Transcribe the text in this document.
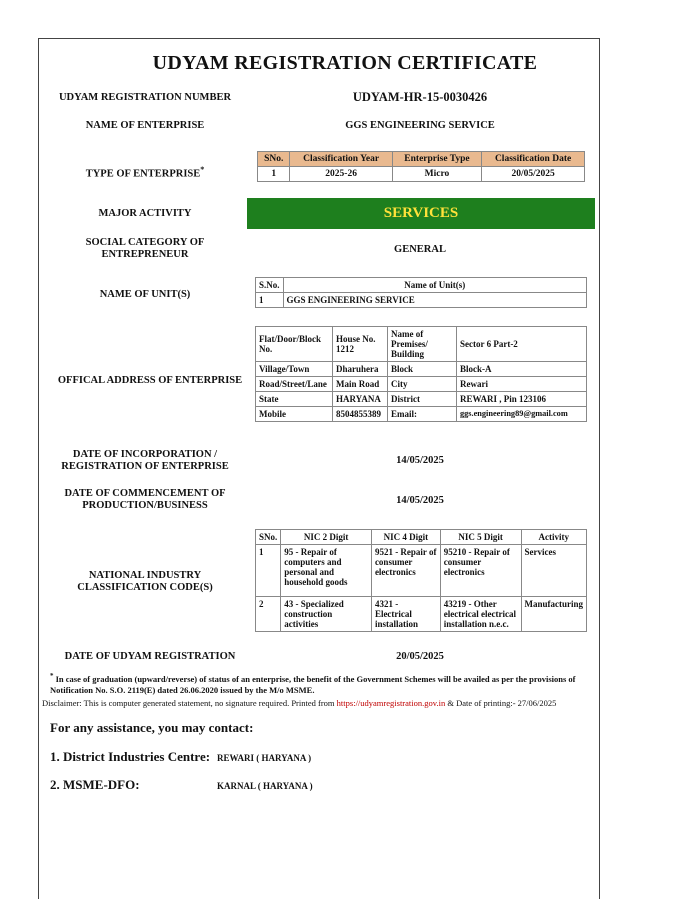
UDYAM REGISTRATION CERTIFICATE
UDYAM REGISTRATION NUMBER	UDYAM-HR-15-0030426
NAME OF ENTERPRISE	GGS ENGINEERING SERVICE
TYPE OF ENTERPRISE*
SNo.	Classification Year	Enterprise Type	Classification Date
1	2025-26	Micro	20/05/2025
MAJOR ACTIVITY	SERVICES
SOCIAL CATEGORY OF ENTREPRENEUR	GENERAL
NAME OF UNIT(S)
S.No.	Name of Unit(s)
1	GGS ENGINEERING SERVICE
OFFICAL ADDRESS OF ENTERPRISE
Flat/Door/Block No.	House No. 1212	Name of Premises/ Building	Sector 6 Part-2
Village/Town	Dharuhera	Block	Block-A
Road/Street/Lane	Main Road	City	Rewari
State	HARYANA	District	REWARI , Pin 123106
Mobile	8504855389	Email:	ggs.engineering89@gmail.com
DATE OF INCORPORATION / REGISTRATION OF ENTERPRISE
14/05/2025
DATE OF COMMENCEMENT OF PRODUCTION/BUSINESS	14/05/2025
NATIONAL INDUSTRY CLASSIFICATION CODE(S)
SNo.	NIC 2 Digit	NIC 4 Digit	NIC 5 Digit	Activity
1	95 - Repair of computers and personal and household goods	9521 - Repair of consumer electronics	95210 - Repair of consumer electronics	Services
2	43 - Specialized construction activities	4321 - Electrical installation	43219 - Other electrical electrical installation n.e.c.	Manufacturing
DATE OF UDYAM REGISTRATION	20/05/2025
* In case of graduation (upward/reverse) of status of an enterprise, the benefit of the Government Schemes will be availed as per the provisions of Notification No. S.O. 2119(E) dated 26.06.2020 issued by the M/o MSME.
Disclaimer: This is computer generated statement, no signature required. Printed from https://udyamregistration.gov.in & Date of printing:- 27/06/2025
For any assistance, you may contact:
1. District Industries Centre: REWARI ( HARYANA )
2. MSME-DFO:	KARNAL ( HARYANA )
